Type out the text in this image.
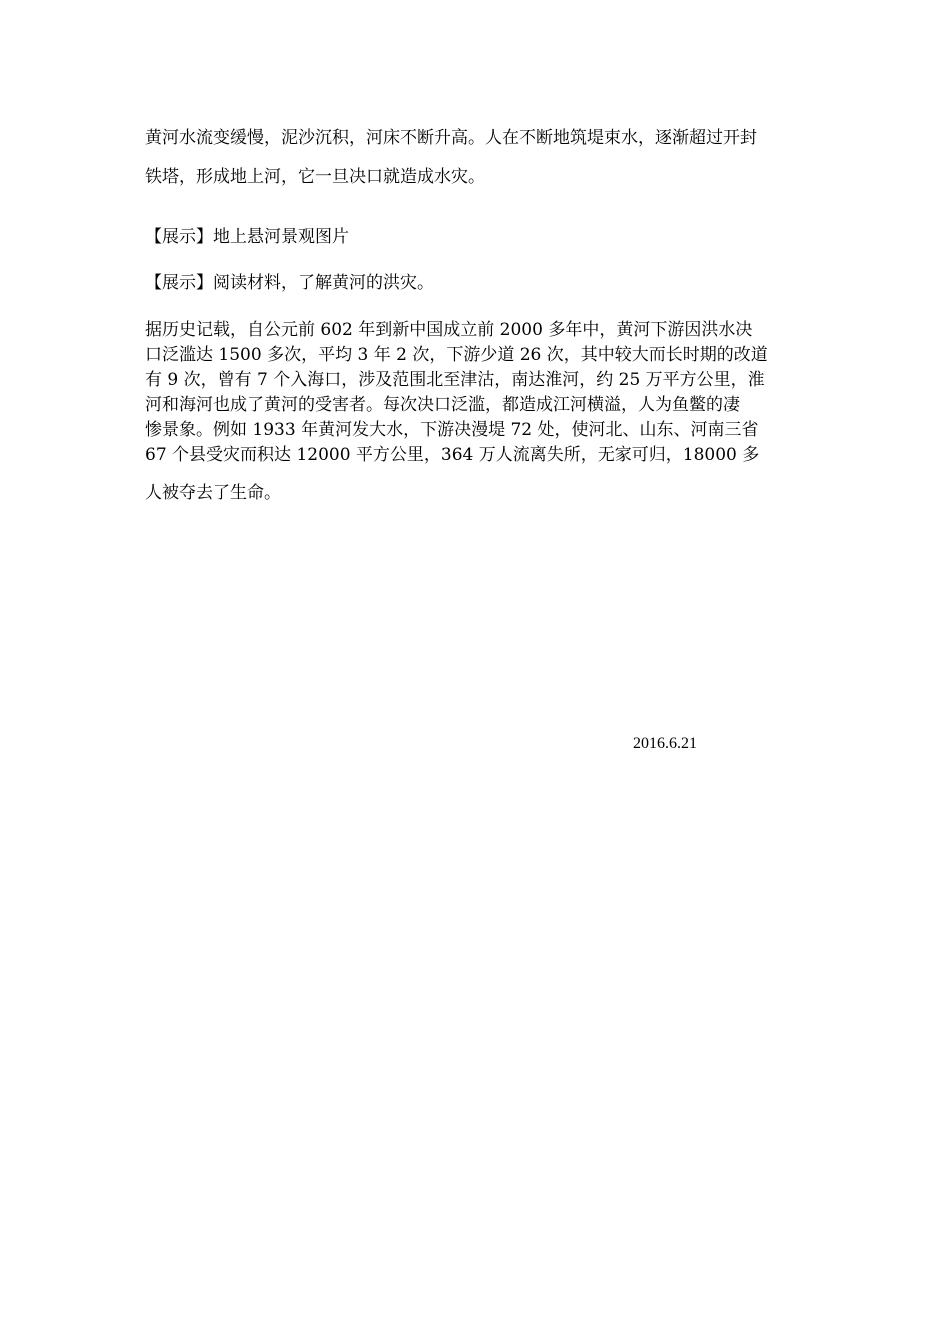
黄河水流变缓慢，泥沙沉积，河床不断升高。人在不断地筑堤束水，逐渐超过开封
铁塔，形成地上河，它一旦决口就造成水灾。
【展示】地上悬河景观图片
【展示】阅读材料，了解黄河的洪灾。
据历史记载，自公元前 602 年到新中国成立前 2000 多年中，黄河下游因洪水决
口泛滥达 1500 多次，平均 3 年 2 次，下游少道 26 次，其中较大而长时期的改道
有 9 次，曾有 7 个入海口，涉及范围北至津沽，南达淮河，约 25 万平方公里，淮
河和海河也成了黄河的受害者。每次决口泛滥，都造成江河横溢，人为鱼鳖的凄
惨景象。例如 1933 年黄河发大水，下游决漫堤 72 处，使河北、山东、河南三省
67 个县受灾而积达 12000 平方公里，364 万人流离失所，无家可归，18000 多
人被夺去了生命。
2016.6.21
